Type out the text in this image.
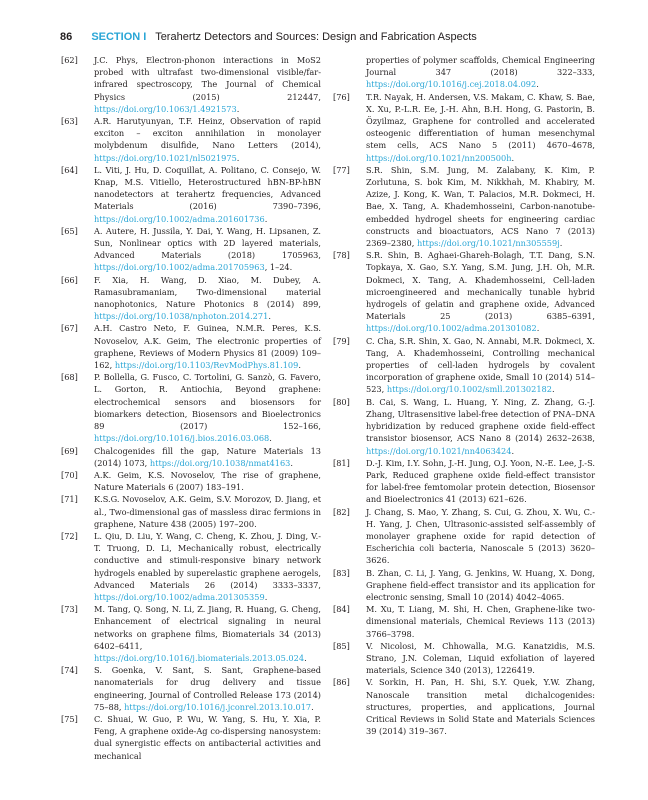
86 SECTION I Terahertz Detectors and Sources: Design and Fabrication Aspects
[62] J.C. Phys, Electron-phonon interactions in MoS2 probed with ultrafast two-dimensional visible/far-infrared spectroscopy, The Journal of Chemical Physics (2015) 212447, https://doi.org/10.1063/1.4921573.
[63] A.R. Harutyunyan, T.F. Heinz, Observation of rapid exciton – exciton annihilation in monolayer molybdenum disulfide, Nano Letters (2014), https://doi.org/10.1021/nl5021975.
[64] L. Viti, J. Hu, D. Coquillat, A. Politano, C. Consejo, W. Knap, M.S. Vitiello, Heterostructured hBN-BP-hBN nanodetectors at terahertz frequencies, Advanced Materials (2016) 7390–7396, https://doi.org/10.1002/adma.201601736.
[65] A. Autere, H. Jussila, Y. Dai, Y. Wang, H. Lipsanen, Z. Sun, Nonlinear optics with 2D layered materials, Advanced Materials (2018) 1705963, https://doi.org/10.1002/adma.201705963, 1–24.
[66] F. Xia, H. Wang, D. Xiao, M. Dubey, A. Ramasubramaniam, Two-dimensional material nanophotonics, Nature Photonics 8 (2014) 899, https://doi.org/10.1038/nphoton.2014.271.
[67] A.H. Castro Neto, F. Guinea, N.M.R. Peres, K.S. Novoselov, A.K. Geim, The electronic properties of graphene, Reviews of Modern Physics 81 (2009) 109–162, https://doi.org/10.1103/RevModPhys.81.109.
[68] P. Bollella, G. Fusco, C. Tortolini, G. Sanzò, G. Favero, L. Gorton, R. Antiochia, Beyond graphene: electrochemical sensors and biosensors for biomarkers detection, Biosensors and Bioelectronics 89 (2017) 152–166, https://doi.org/10.1016/j.bios.2016.03.068.
[69] Chalcogenides fill the gap, Nature Materials 13 (2014) 1073, https://doi.org/10.1038/nmat4163.
[70] A.K. Geim, K.S. Novoselov, The rise of graphene, Nature Materials 6 (2007) 183–191.
[71] K.S.G. Novoselov, A.K. Geim, S.V. Morozov, D. Jiang, et al., Two-dimensional gas of massless dirac fermions in graphene, Nature 438 (2005) 197–200.
[72] L. Qiu, D. Liu, Y. Wang, C. Cheng, K. Zhou, J. Ding, V.-T. Truong, D. Li, Mechanically robust, electrically conductive and stimuli-responsive binary network hydrogels enabled by superelastic graphene aerogels, Advanced Materials 26 (2014) 3333–3337, https://doi.org/10.1002/adma.201305359.
[73] M. Tang, Q. Song, N. Li, Z. Jiang, R. Huang, G. Cheng, Enhancement of electrical signaling in neural networks on graphene films, Biomaterials 34 (2013) 6402–6411, https://doi.org/10.1016/j.biomaterials.2013.05.024.
[74] S. Goenka, V. Sant, S. Sant, Graphene-based nanomaterials for drug delivery and tissue engineering, Journal of Controlled Release 173 (2014) 75–88, https://doi.org/10.1016/j.jconrel.2013.10.017.
[75] C. Shuai, W. Guo, P. Wu, W. Yang, S. Hu, Y. Xia, P. Feng, A graphene oxide-Ag co-dispersing nanosystem: dual synergistic effects on antibacterial activities and mechanical
properties of polymer scaffolds, Chemical Engineering Journal 347 (2018) 322–333, https://doi.org/10.1016/j.cej.2018.04.092.
[76] T.R. Nayak, H. Andersen, V.S. Makam, C. Khaw, S. Bae, X. Xu, P.-L.R. Ee, J.-H. Ahn, B.H. Hong, G. Pastorin, B. Özyilmaz, Graphene for controlled and accelerated osteogenic differentiation of human mesenchymal stem cells, ACS Nano 5 (2011) 4670–4678, https://doi.org/10.1021/nn200500h.
[77] S.R. Shin, S.M. Jung, M. Zalabany, K. Kim, P. Zorlutuna, S. bok Kim, M. Nikkhah, M. Khabiry, M. Azize, J. Kong, K. Wan, T. Palacios, M.R. Dokmeci, H. Bae, X. Tang, A. Khademhosseini, Carbon-nanotube-embedded hydrogel sheets for engineering cardiac constructs and bioactuators, ACS Nano 7 (2013) 2369–2380, https://doi.org/10.1021/nn305559j.
[78] S.R. Shin, B. Aghaei-Ghareh-Bolagh, T.T. Dang, S.N. Topkaya, X. Gao, S.Y. Yang, S.M. Jung, J.H. Oh, M.R. Dokmeci, X. Tang, A. Khademhosseini, Cell-laden microengineered and mechanically tunable hybrid hydrogels of gelatin and graphene oxide, Advanced Materials 25 (2013) 6385–6391, https://doi.org/10.1002/adma.201301082.
[79] C. Cha, S.R. Shin, X. Gao, N. Annabi, M.R. Dokmeci, X. Tang, A. Khademhosseini, Controlling mechanical properties of cell-laden hydrogels by covalent incorporation of graphene oxide, Small 10 (2014) 514–523, https://doi.org/10.1002/smll.201302182.
[80] B. Cai, S. Wang, L. Huang, Y. Ning, Z. Zhang, G.-J. Zhang, Ultrasensitive label-free detection of PNA–DNA hybridization by reduced graphene oxide field-effect transistor biosensor, ACS Nano 8 (2014) 2632–2638, https://doi.org/10.1021/nn4063424.
[81] D.-J. Kim, I.Y. Sohn, J.-H. Jung, O.J. Yoon, N.-E. Lee, J.-S. Park, Reduced graphene oxide field-effect transistor for label-free femtomolar protein detection, Biosensor and Bioelectronics 41 (2013) 621–626.
[82] J. Chang, S. Mao, Y. Zhang, S. Cui, G. Zhou, X. Wu, C.-H. Yang, J. Chen, Ultrasonic-assisted self-assembly of monolayer graphene oxide for rapid detection of Escherichia coli bacteria, Nanoscale 5 (2013) 3620–3626.
[83] B. Zhan, C. Li, J. Yang, G. Jenkins, W. Huang, X. Dong, Graphene field-effect transistor and its application for electronic sensing, Small 10 (2014) 4042–4065.
[84] M. Xu, T. Liang, M. Shi, H. Chen, Graphene-like two-dimensional materials, Chemical Reviews 113 (2013) 3766–3798.
[85] V. Nicolosi, M. Chhowalla, M.G. Kanatzidis, M.S. Strano, J.N. Coleman, Liquid exfoliation of layered materials, Science 340 (2013), 1226419.
[86] V. Sorkin, H. Pan, H. Shi, S.Y. Quek, Y.W. Zhang, Nanoscale transition metal dichalcogenides: structures, properties, and applications, Journal Critical Reviews in Solid State and Materials Sciences 39 (2014) 319–367.
